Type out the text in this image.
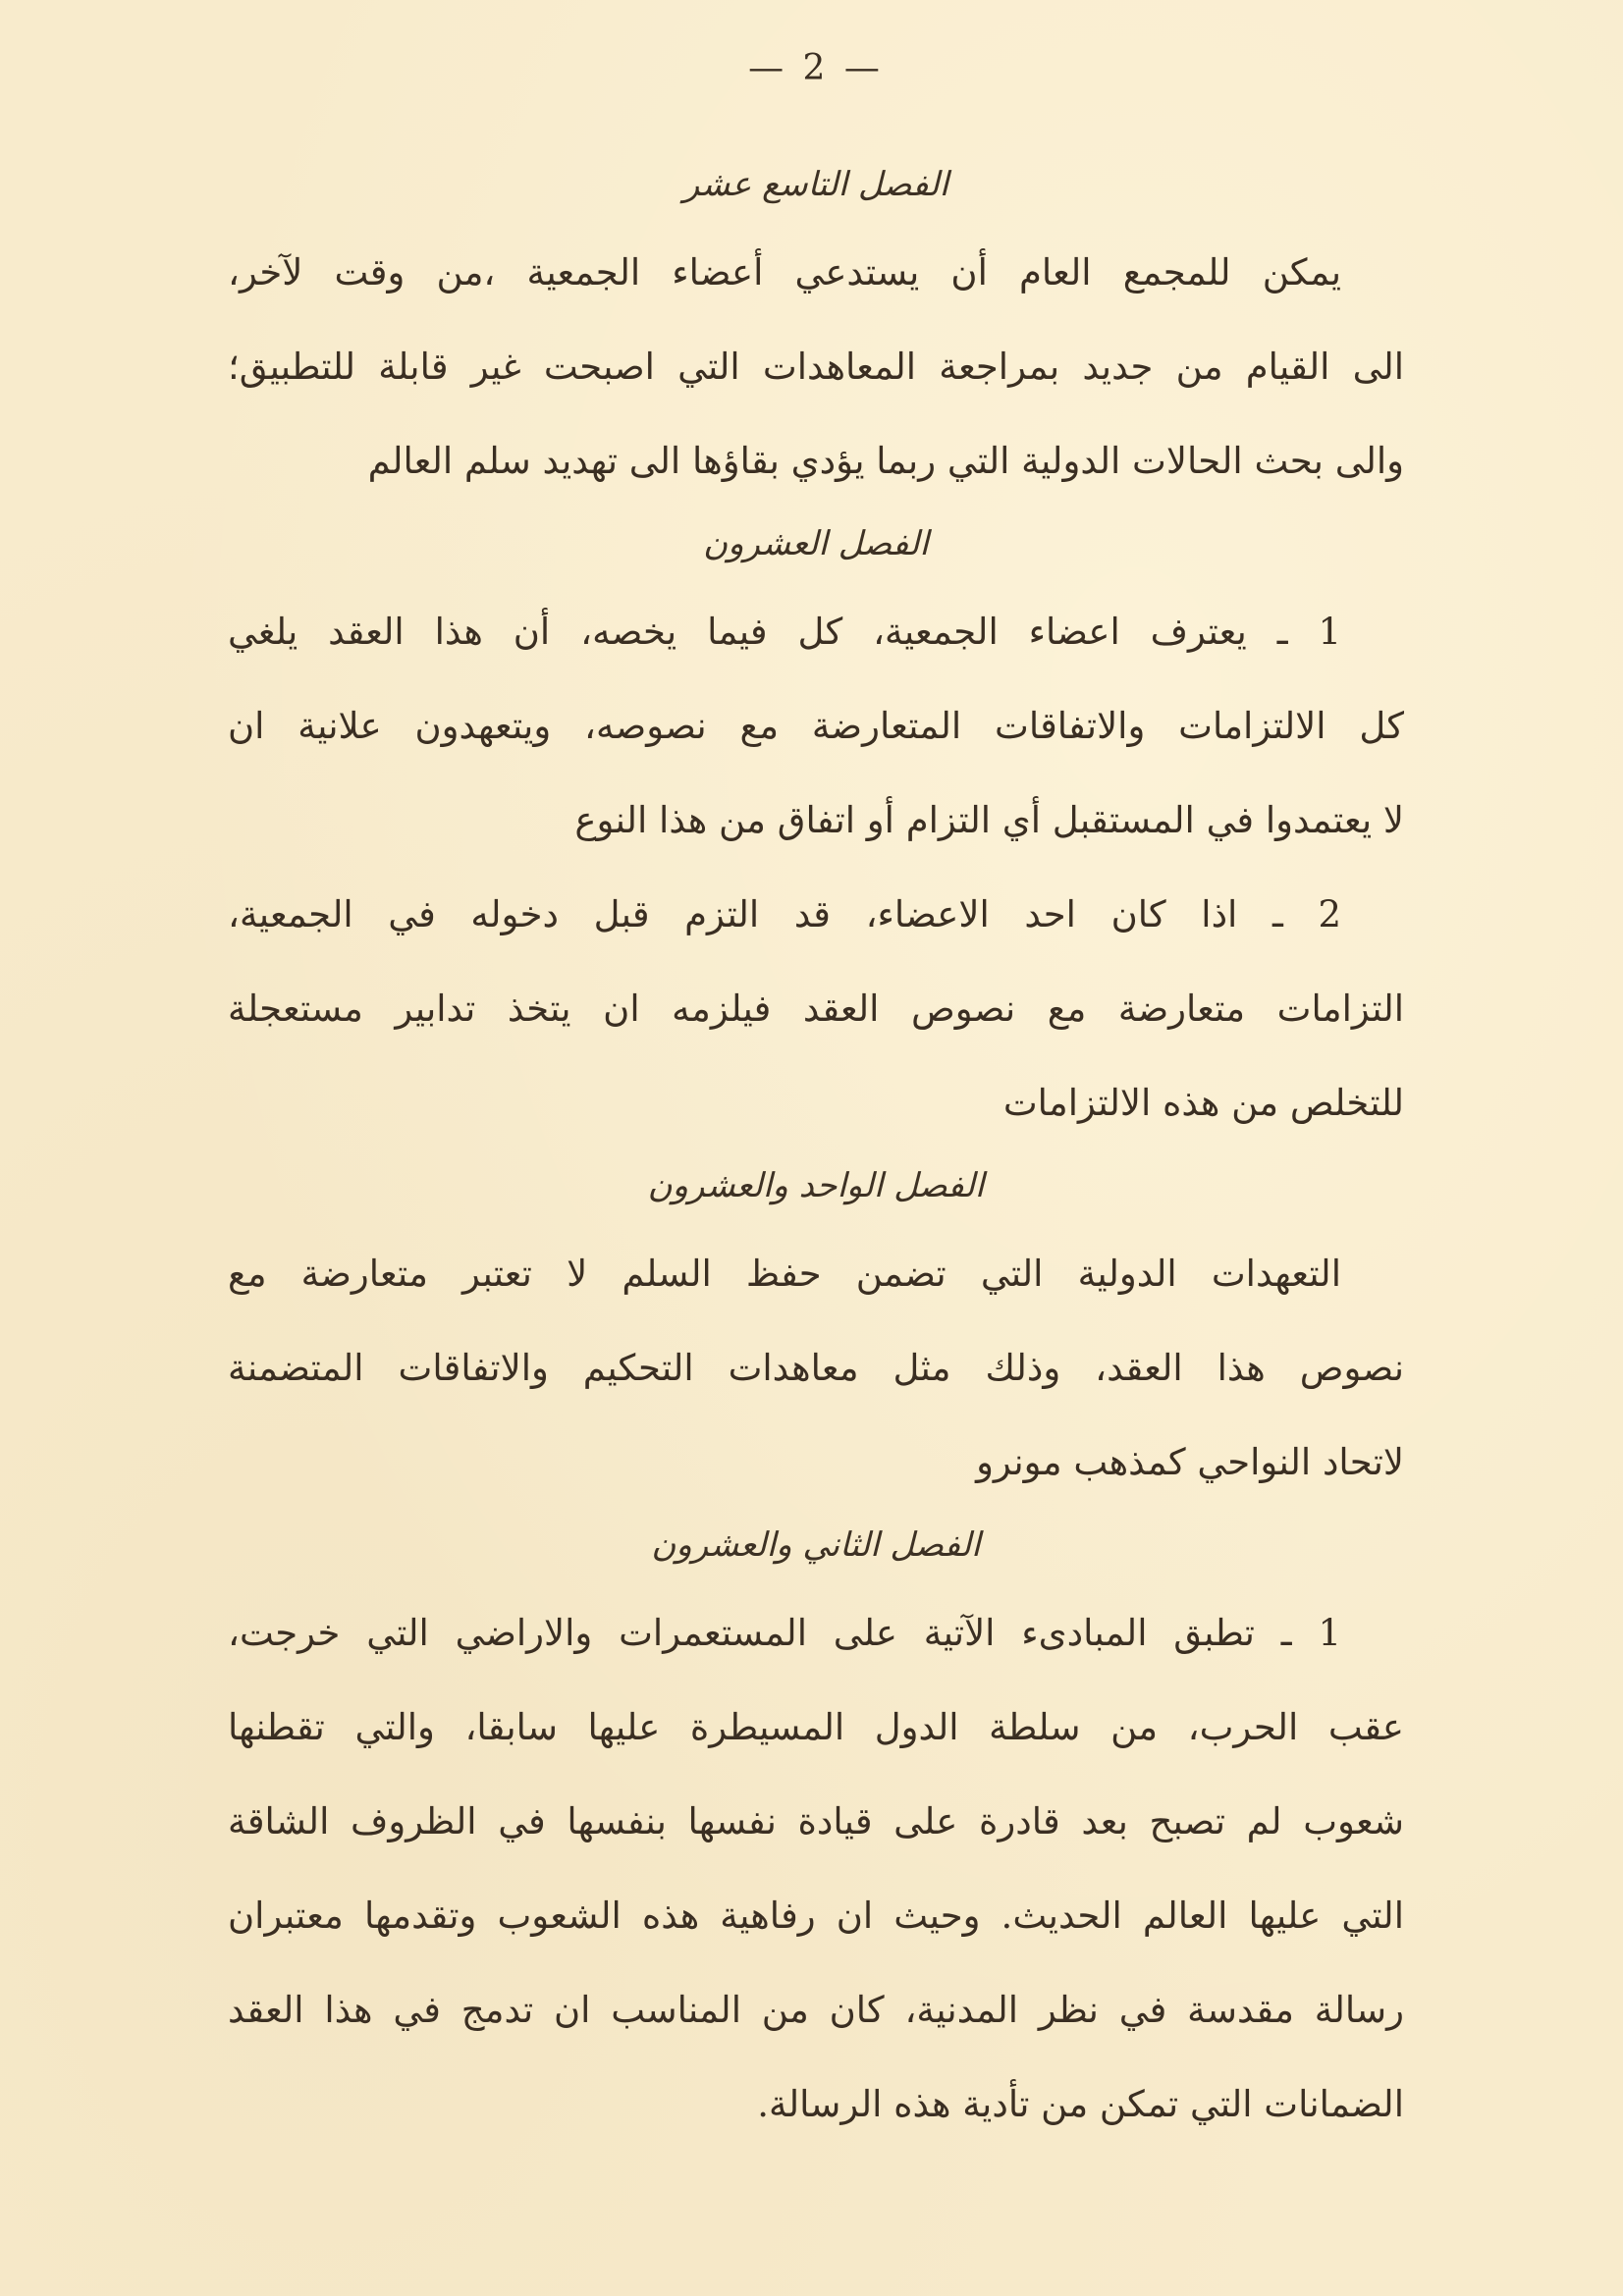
— 2 —
الفصل التاسع عشر
يمكن للمجمع العام أن يستدعي أعضاء الجمعية ،من وقت لآخر،
الى القيام من جديد بمراجعة المعاهدات التي اصبحت غير قابلة للتطبيق؛
والى بحث الحالات الدولية التي ربما يؤدي بقاؤها الى تهديد سلم العالم
الفصل العشرون
1 ـ يعترف اعضاء الجمعية، كل فيما يخصه، أن هذا العقد يلغي
كل الالتزامات والاتفاقات المتعارضة مع نصوصه، ويتعهدون علانية ان
لا يعتمدوا في المستقبل أي التزام أو اتفاق من هذا النوع
2 ـ اذا كان احد الاعضاء، قد التزم قبل دخوله في الجمعية،
التزامات متعارضة مع نصوص العقد فيلزمه ان يتخذ تدابير مستعجلة
للتخلص من هذه الالتزامات
الفصل الواحد والعشرون
التعهدات الدولية التي تضمن حفظ السلم لا تعتبر متعارضة مع
نصوص هذا العقد، وذلك مثل معاهدات التحكيم والاتفاقات المتضمنة
لاتحاد النواحي كمذهب مونرو
الفصل الثاني والعشرون
1 ـ تطبق المبادىء الآتية على المستعمرات والاراضي التي خرجت،
عقب الحرب، من سلطة الدول المسيطرة عليها سابقا، والتي تقطنها
شعوب لم تصبح بعد قادرة على قيادة نفسها بنفسها في الظروف الشاقة
التي عليها العالم الحديث. وحيث ان رفاهية هذه الشعوب وتقدمها معتبران
رسالة مقدسة في نظر المدنية، كان من المناسب ان تدمج في هذا العقد
الضمانات التي تمكن من تأدية هذه الرسالة.
